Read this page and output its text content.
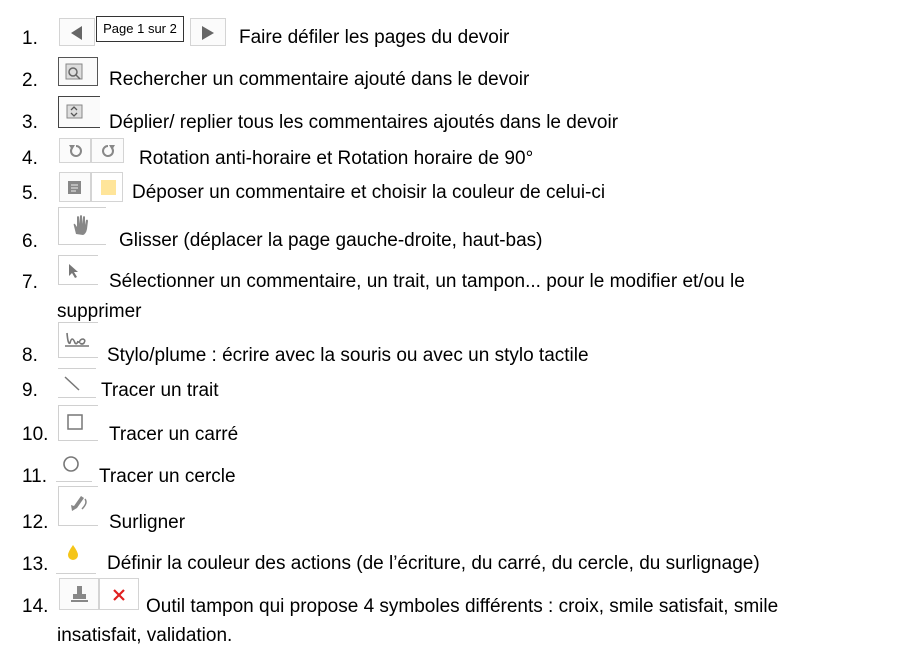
1.	Page 1 sur 2	Faire défiler les pages du devoir
2.	Rechercher un commentaire ajouté dans le devoir
3.	Déplier/ replier tous les commentaires ajoutés dans le devoir
4.	Rotation anti-horaire et Rotation horaire de 90°
5.	Déposer un commentaire et choisir la couleur de celui-ci
6.	Glisser (déplacer la page gauche-droite, haut-bas)
7.	Sélectionner un commentaire, un trait, un tampon... pour le modifier et/ou le
supprimer
8.	Stylo/plume : écrire avec la souris ou avec un stylo tactile
9.	Tracer un trait
10.	Tracer un carré
11.	Tracer un cercle
12.	Surligner
13.	Définir la couleur des actions (de l’écriture, du carré, du cercle, du surlignage)
14.	Outil tampon qui propose 4 symboles différents : croix, smile satisfait, smile
insatisfait, validation.
